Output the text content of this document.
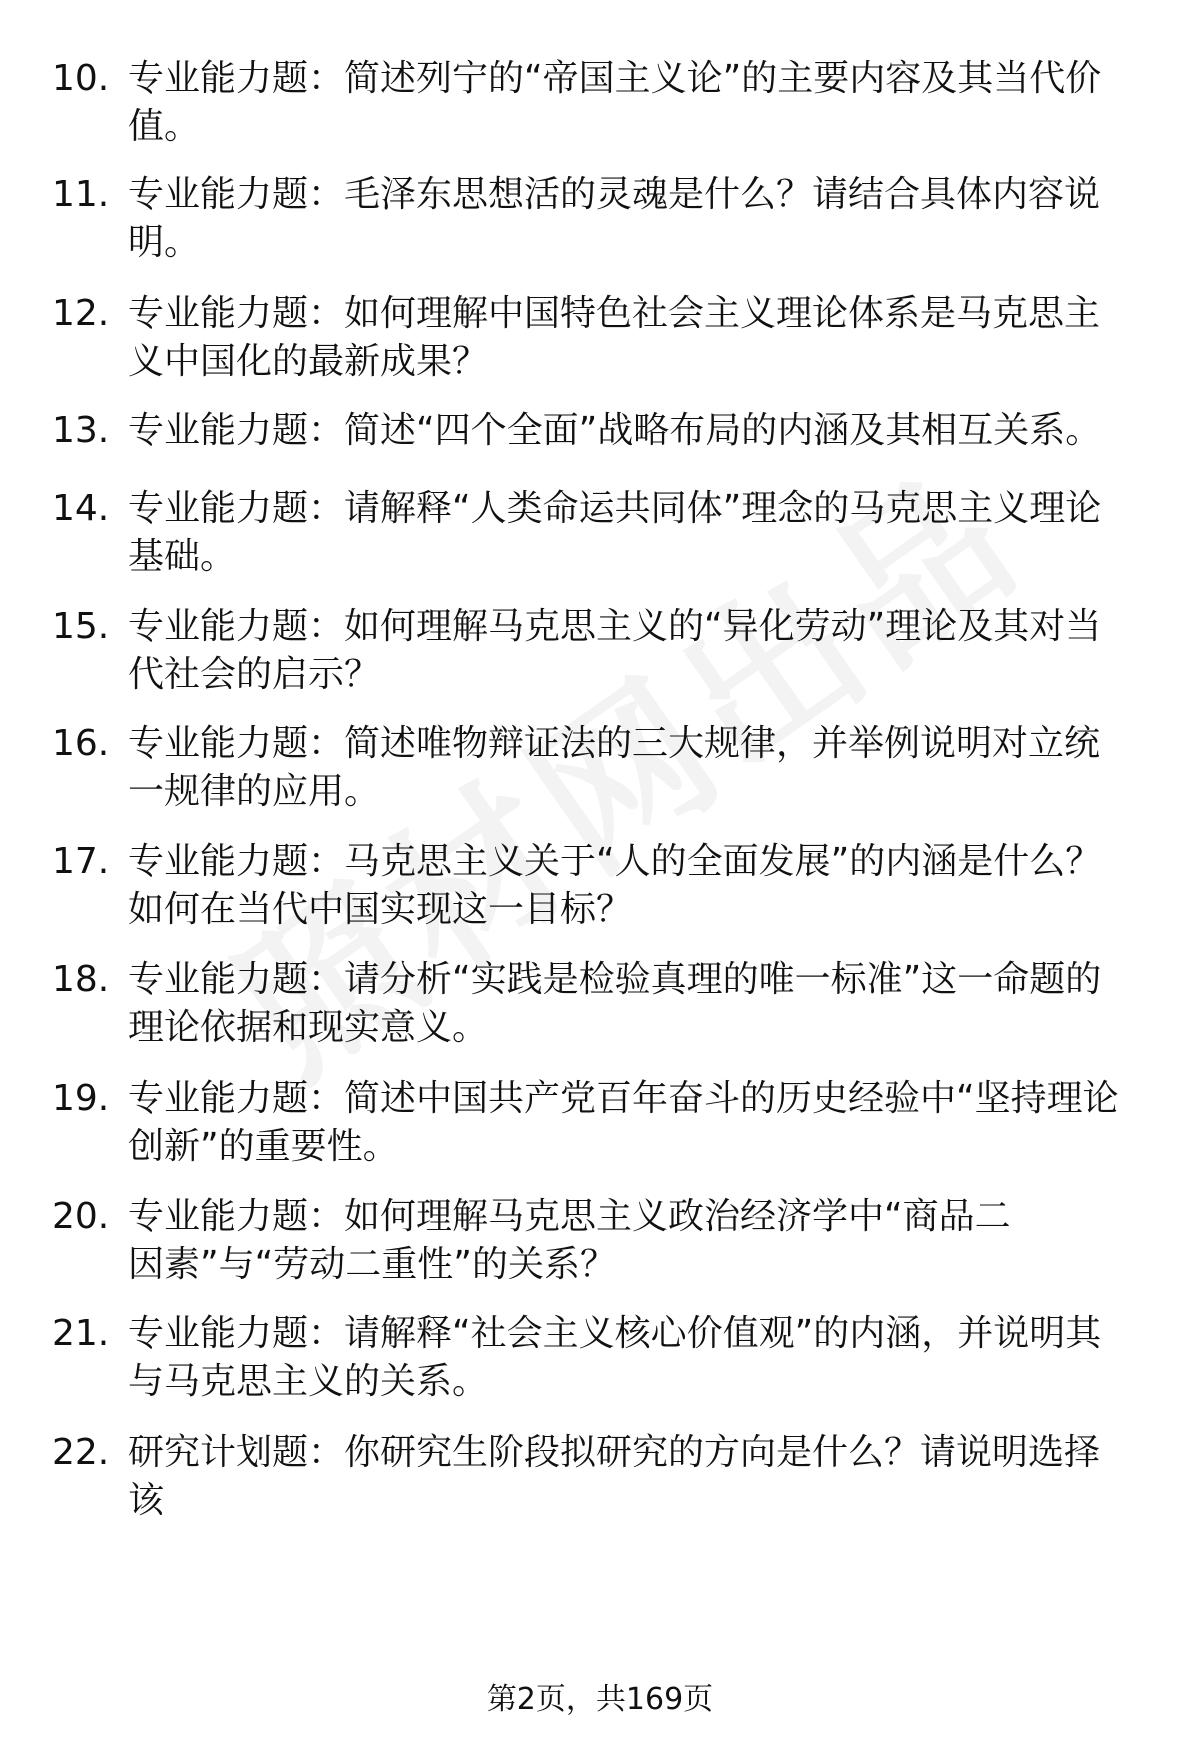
10. 专业能力题：简述列宁的“帝国主义论”的主要内容及其当代价值。
11. 专业能力题：毛泽东思想活的灵魂是什么？请结合具体内容说明。
12. 专业能力题：如何理解中国特色社会主义理论体系是马克思主义中国化的最新成果？
13. 专业能力题：简述“四个全面”战略布局的内涵及其相互关系。
14. 专业能力题：请解释“人类命运共同体”理念的马克思主义理论基础。
15. 专业能力题：如何理解马克思主义的“异化劳动”理论及其对当代社会的启示？
16. 专业能力题：简述唯物辩证法的三大规律，并举例说明对立统一规律的应用。
17. 专业能力题：马克思主义关于“人的全面发展”的内涵是什么？如何在当代中国实现这一目标？
18. 专业能力题：请分析“实践是检验真理的唯一标准”这一命题的理论依据和现实意义。
19. 专业能力题：简述中国共产党百年奋斗的历史经验中“坚持理论创新”的重要性。
20. 专业能力题：如何理解马克思主义政治经济学中“商品二因素”与“劳动二重性”的关系？
21. 专业能力题：请解释“社会主义核心价值观”的内涵，并说明其与马克思主义的关系。
22. 研究计划题：你研究生阶段拟研究的方向是什么？请说明选择该
第2页，共169页
